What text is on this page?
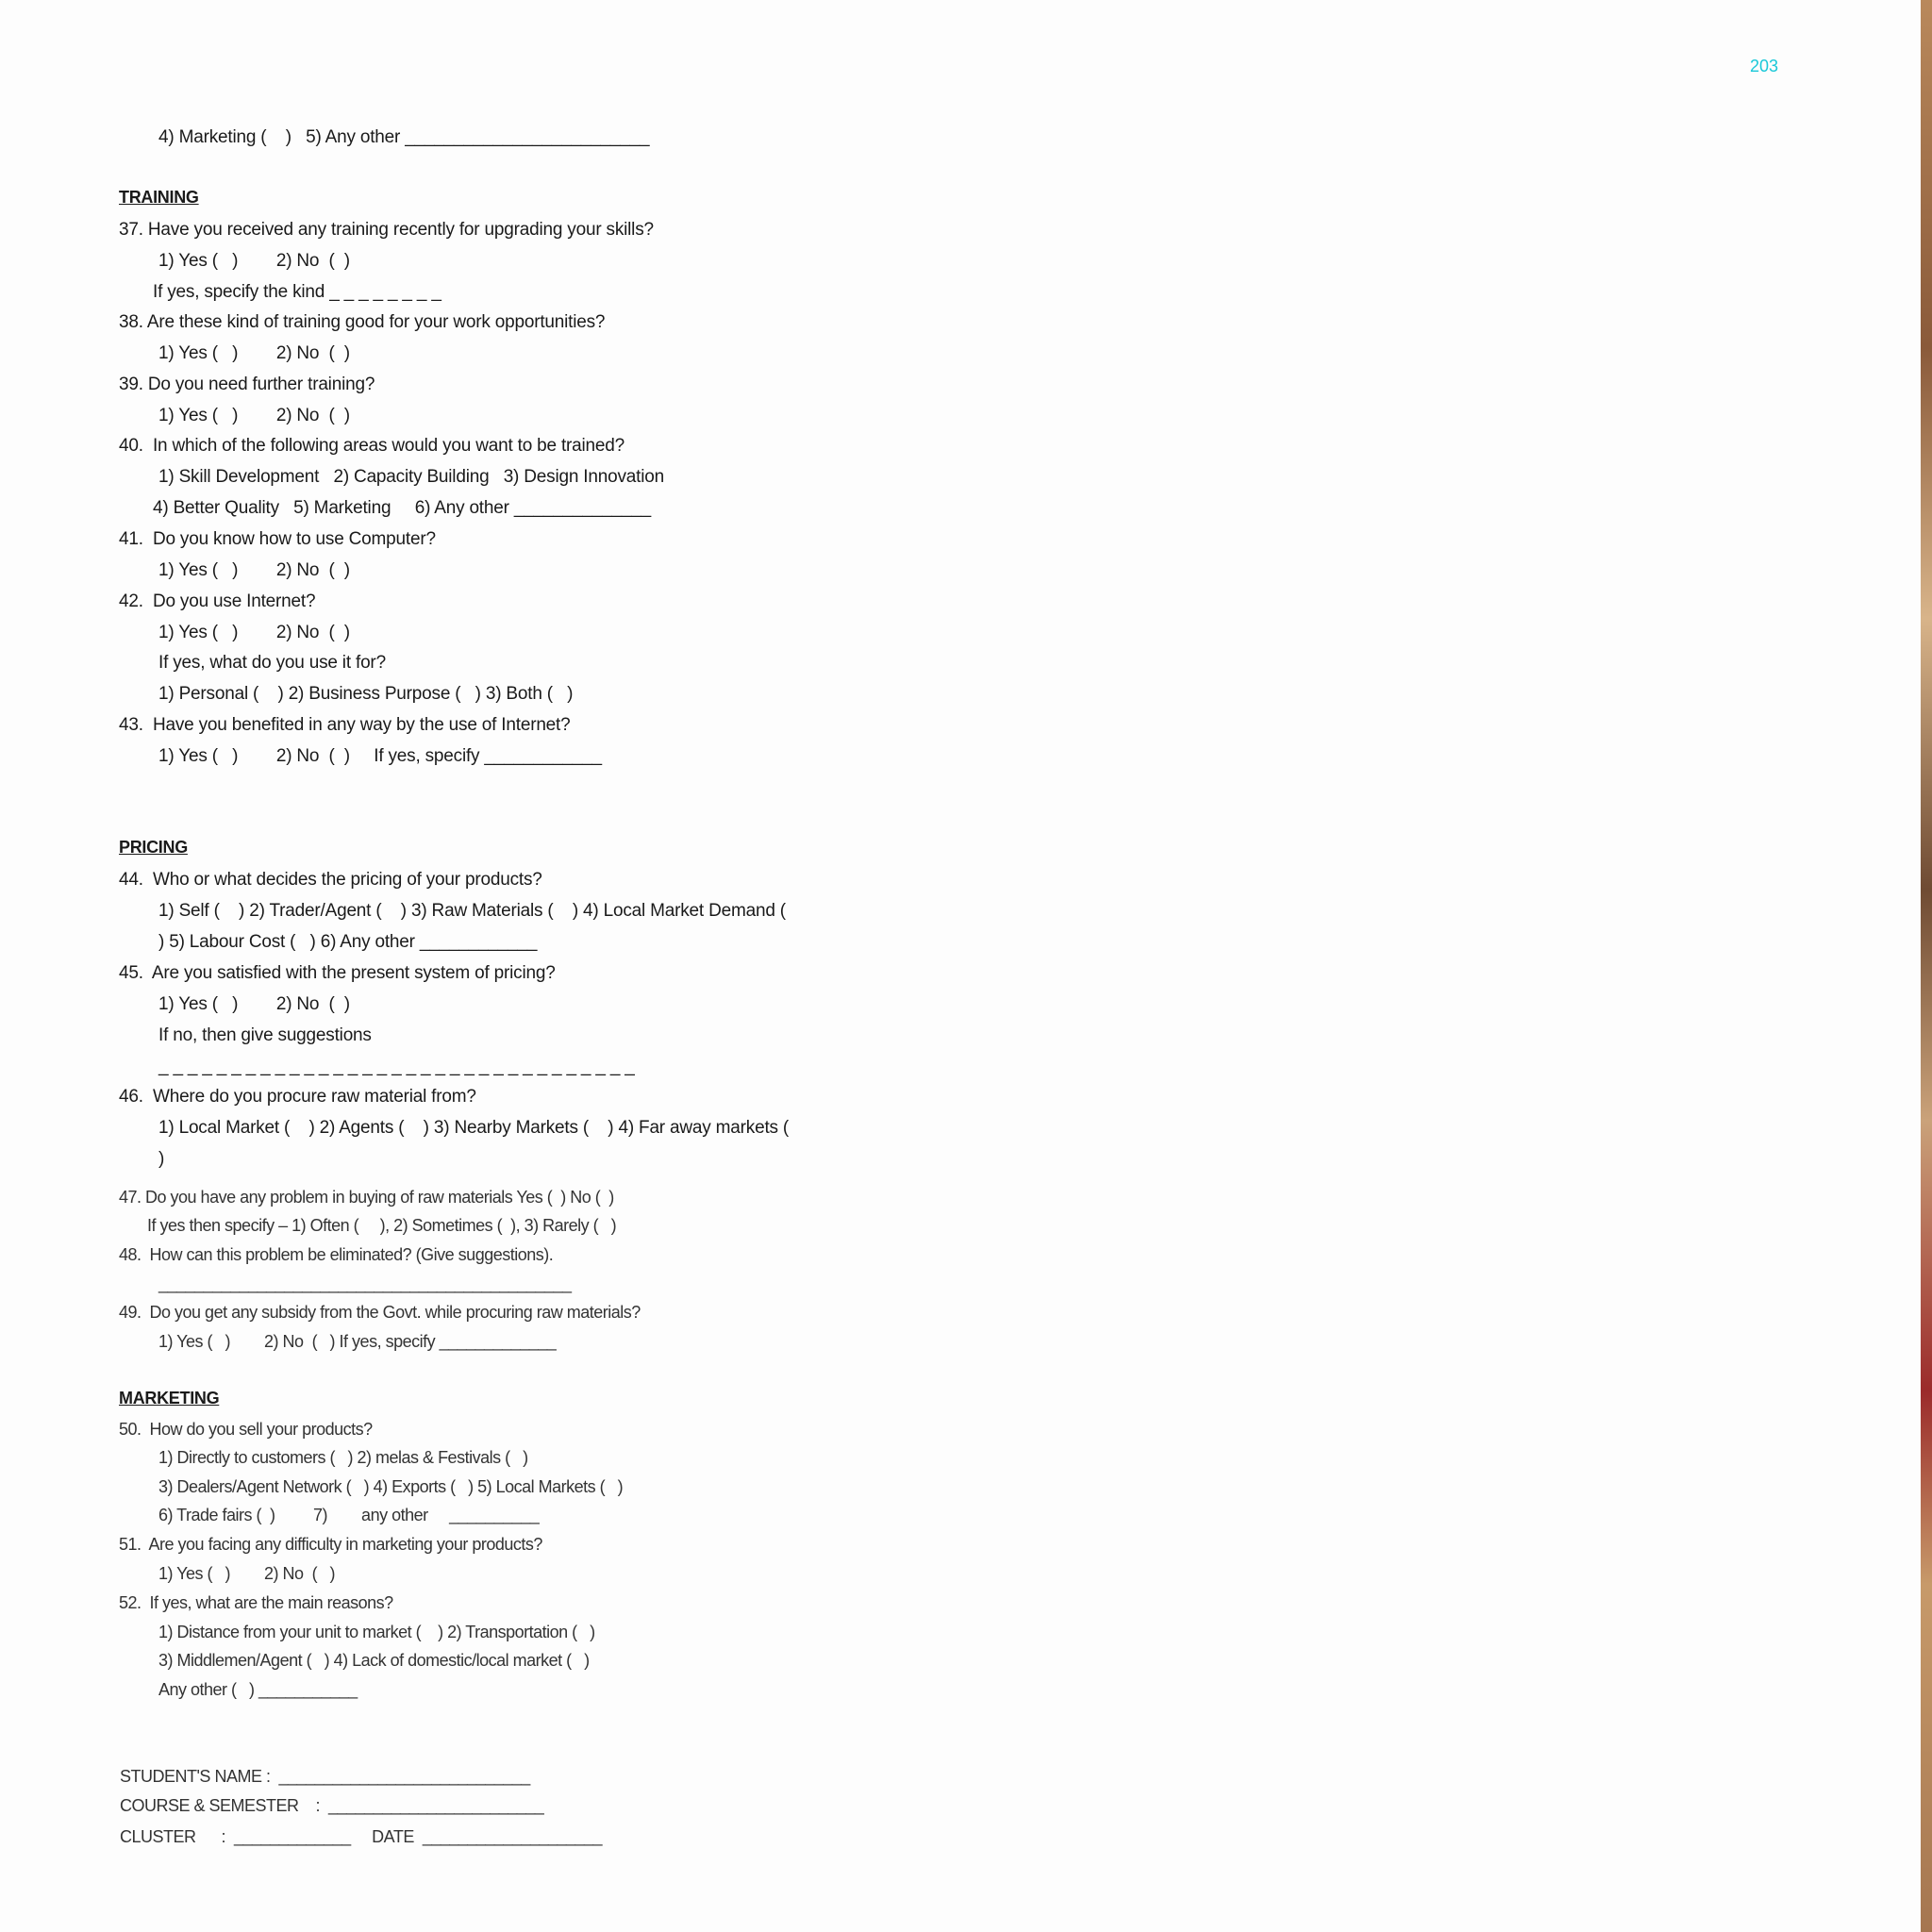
203
4) Marketing (    )   5) Any other _________________________
TRAINING
37. Have you received any training recently for upgrading your skills?
1) Yes (   )        2) No  (  )
If yes, specify the kind _ _ _ _ _ _ _ _
38. Are these kind of training good for your work opportunities?
1) Yes (   )        2) No  (  )
39. Do you need further training?
1) Yes (   )        2) No  (  )
40.  In which of the following areas would you want to be trained?
1) Skill Development   2) Capacity Building   3) Design Innovation
4) Better Quality   5) Marketing     6) Any other ______________
41.  Do you know how to use Computer?
1) Yes (   )        2) No  (  )
42.  Do you use Internet?
1) Yes (   )        2) No  (  )
If yes, what do you use it for?
1) Personal (    ) 2) Business Purpose (   ) 3) Both (   )
43.  Have you benefited in any way by the use of Internet?
1) Yes (   )        2) No  (  )     If yes, specify ____________
PRICING
44.  Who or what decides the pricing of your products?
1) Self (    ) 2) Trader/Agent (    ) 3) Raw Materials (    ) 4) Local Market Demand (
) 5) Labour Cost (   ) 6) Any other ____________
45.  Are you satisfied with the present system of pricing?
1) Yes (   )        2) No  (  )
If no, then give suggestions
_ _ _ _ _ _ _ _ _ _ _ _ _ _ _ _ _ _ _ _ _ _ _ _ _ _ _ _ _ _ _ _ _
46.  Where do you procure raw material from?
1) Local Market (    ) 2) Agents (    ) 3) Nearby Markets (    ) 4) Far away markets (
)
47. Do you have any problem in buying of raw materials Yes (  ) No (  )
If yes then specify – 1) Often (     ), 2) Sometimes (  ), 3) Rarely (   )
48.  How can this problem be eliminated? (Give suggestions).
______________________________________________
49.  Do you get any subsidy from the Govt. while procuring raw materials?
1) Yes (   )        2) No  (   ) If yes, specify _____________
MARKETING
50.  How do you sell your products?
1) Directly to customers (   ) 2) melas & Festivals (   )
3) Dealers/Agent Network (   ) 4) Exports (   ) 5) Local Markets (   )
6) Trade fairs (  )         7)        any other     __________
51.  Are you facing any difficulty in marketing your products?
1) Yes (   )        2) No  (   )
52.  If yes, what are the main reasons?
1) Distance from your unit to market (    ) 2) Transportation (   )
3) Middlemen/Agent (   ) 4) Lack of domestic/local market (   )
Any other (   ) ___________
STUDENT'S NAME :  ____________________________
COURSE & SEMESTER    :  ________________________
CLUSTER      :  _____________     DATE  ____________________
